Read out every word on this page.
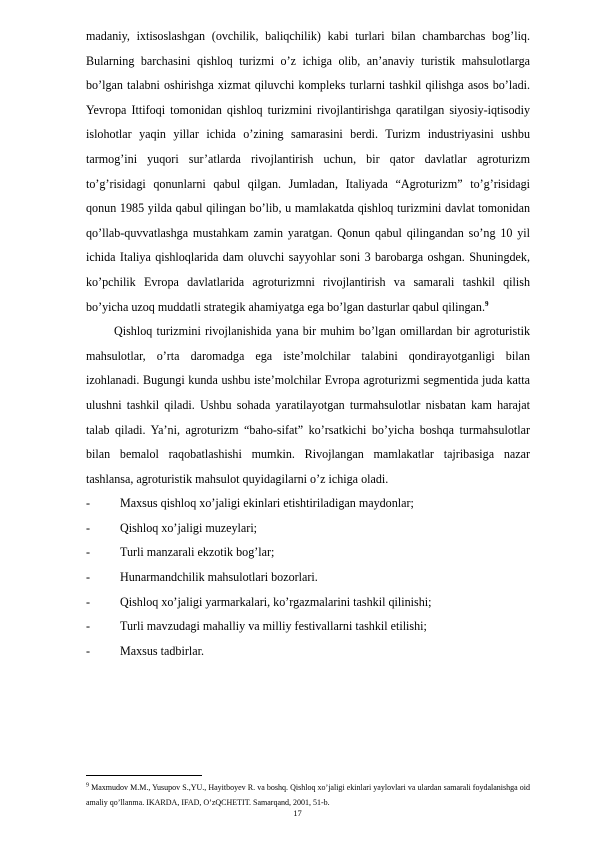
madaniy, ixtisoslashgan (ovchilik, baliqchilik) kabi turlari bilan chambarchas bog’liq. Bularning barchasini qishloq turizmi o’z ichiga olib, an’anaviy turistik mahsulotlarga bo’lgan talabni oshirishga xizmat qiluvchi kompleks turlarni tashkil qilishga asos bo’ladi. Yevropa Ittifoqi tomonidan qishloq turizmini rivojlantirishga qaratilgan siyosiy-iqtisodiy islohotlar yaqin yillar ichida o’zining samarasini berdi. Turizm industriyasini ushbu tarmog’ini yuqori sur’atlarda rivojlantirish uchun, bir qator davlatlar agroturizm to’g’risidagi qonunlarni qabul qilgan. Jumladan, Italiyada “Agroturizm” to’g’risidagi qonun 1985 yilda qabul qilingan bo’lib, u mamlakatda qishloq turizmini davlat tomonidan qo’llab-quvvatlashga mustahkam zamin yaratgan. Qonun qabul qilingandan so’ng 10 yil ichida Italiya qishloqlarida dam oluvchi sayyohlar soni 3 barobarga oshgan. Shuningdek, ko’pchilik Evropa davlatlarida agroturizmni rivojlantirish va samarali tashkil qilish bo’yicha uzoq muddatli strategik ahamiyatga ega bo’lgan dasturlar qabul qilingan.$^9$

Qishloq turizmini rivojlanishida yana bir muhim bo’lgan omillardan bir agroturistik mahsulotlar, o’rta daromadga ega iste’molchilar talabini qondirayotganligi bilan izohlanadi. Bugungi kunda ushbu iste’molchilar Evropa agroturizmi segmentida juda katta ulushni tashkil qiladi. Ushbu sohada yaratilayotgan turmahsulotlar nisbatan kam harajat talab qiladi. Ya’ni, agroturizm “baho-sifat” ko’rsatkichi bo’yicha boshqa turmahsulotlar bilan bemalol raqobatlashishi mumkin. Rivojlangan mamlakatlar tajribasiga nazar tashlansa, agroturistik mahsulot quyidagilarni o’z ichiga oladi.

- Maxsus qishloq xo’jaligi ekinlari etishtiriladigan maydonlar;
- Qishloq xo’jaligi muzeylari;
- Turli manzarali ekzotik bog’lar;
- Hunarmandchilik mahsulotlari bozorlari.
- Qishloq xo’jaligi yarmarkalari, ko’rgazmalarini tashkil qilinishi;
- Turli mavzudagi mahalliy va milliy festivallarni tashkil etilishi;
- Maxsus tadbirlar.
$^9$ Maxmudov M.M., Yusupov S.,YU., Hayitboyev R. va boshq. Qishloq xo’jaligi ekinlari yaylovlari va ulardan samarali foydalanishga oid amaliy qo’llanma. IKARDA, IFAD, O’zQCHETIT. Samarqand, 2001, 51-b.
17
